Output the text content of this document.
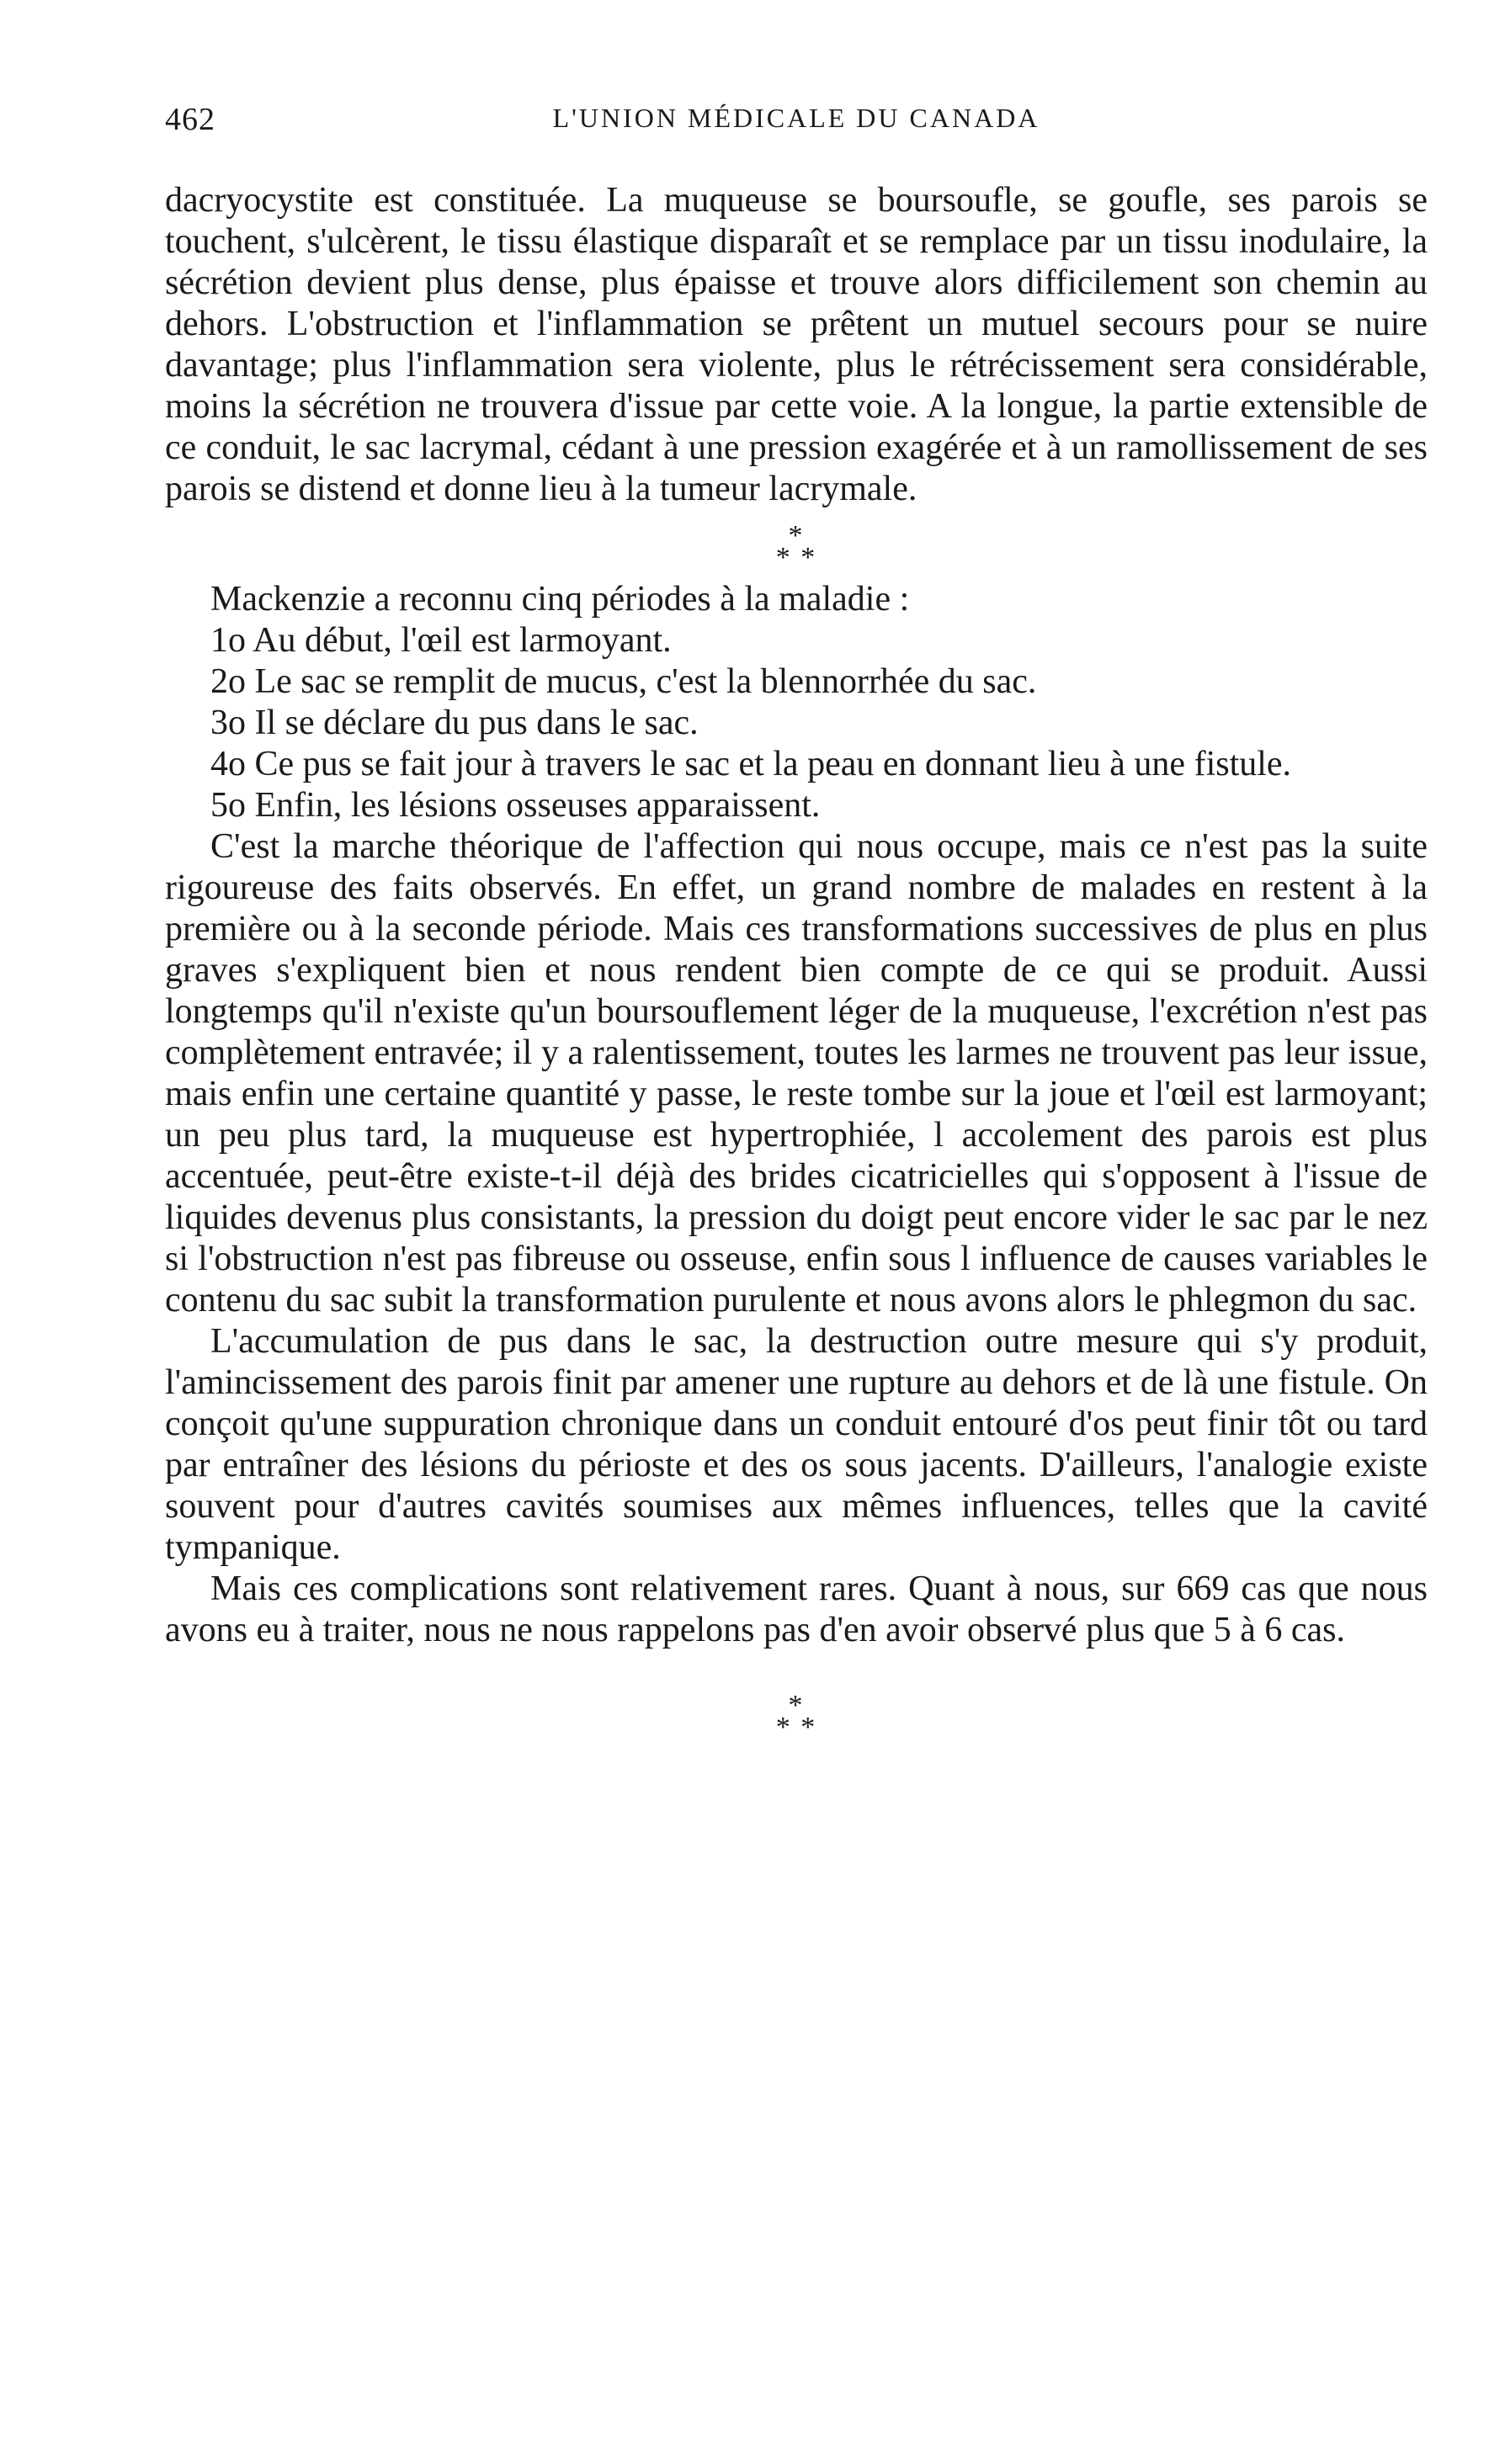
462	L'UNION MÉDICALE DU CANADA

dacryocystite est constituée. La muqueuse se boursoufle, se goufle, ses parois se touchent, s'ulcèrent, le tissu élastique disparaît et se remplace par un tissu inodulaire, la sécrétion devient plus dense, plus épaisse et trouve alors difficilement son chemin au dehors. L'obstruction et l'inflammation se prêtent un mutuel secours pour se nuire davantage; plus l'inflammation sera violente, plus le rétrécissement sera considérable, moins la sécrétion ne trouvera d'issue par cette voie. A la longue, la partie extensible de ce conduit, le sac lacrymal, cédant à une pression exagérée et à un ramollissement de ses parois se distend et donne lieu à la tumeur lacrymale.

*
* *

Mackenzie a reconnu cinq périodes à la maladie :

1o Au début, l'œil est larmoyant.

2o Le sac se remplit de mucus, c'est la blennorrhée du sac.

3o Il se déclare du pus dans le sac.

4o Ce pus se fait jour à travers le sac et la peau en donnant lieu à une fistule.

5o Enfin, les lésions osseuses apparaissent.

C'est la marche théorique de l'affection qui nous occupe, mais ce n'est pas la suite rigoureuse des faits observés. En effet, un grand nombre de malades en restent à la première ou à la seconde période. Mais ces transformations successives de plus en plus graves s'expliquent bien et nous rendent bien compte de ce qui se produit. Aussi longtemps qu'il n'existe qu'un boursouflement léger de la muqueuse, l'excrétion n'est pas complètement entravée; il y a ralentissement, toutes les larmes ne trouvent pas leur issue, mais enfin une certaine quantité y passe, le reste tombe sur la joue et l'œil est larmoyant; un peu plus tard, la muqueuse est hypertrophiée, l accolement des parois est plus accentuée, peut-être existe-t-il déjà des brides cicatricielles qui s'opposent à l'issue de liquides devenus plus consistants, la pression du doigt peut encore vider le sac par le nez si l'obstruction n'est pas fibreuse ou osseuse, enfin sous l influence de causes variables le contenu du sac subit la transformation purulente et nous avons alors le phlegmon du sac.

L'accumulation de pus dans le sac, la destruction outre mesure qui s'y produit, l'amincissement des parois finit par amener une rupture au dehors et de là une fistule. On conçoit qu'une suppuration chronique dans un conduit entouré d'os peut finir tôt ou tard par entraîner des lésions du périoste et des os sous jacents. D'ailleurs, l'analogie existe souvent pour d'autres cavités soumises aux mêmes influences, telles que la cavité tympanique.

Mais ces complications sont relativement rares. Quant à nous, sur 669 cas que nous avons eu à traiter, nous ne nous rappelons pas d'en avoir observé plus que 5 à 6 cas.

*
* *
